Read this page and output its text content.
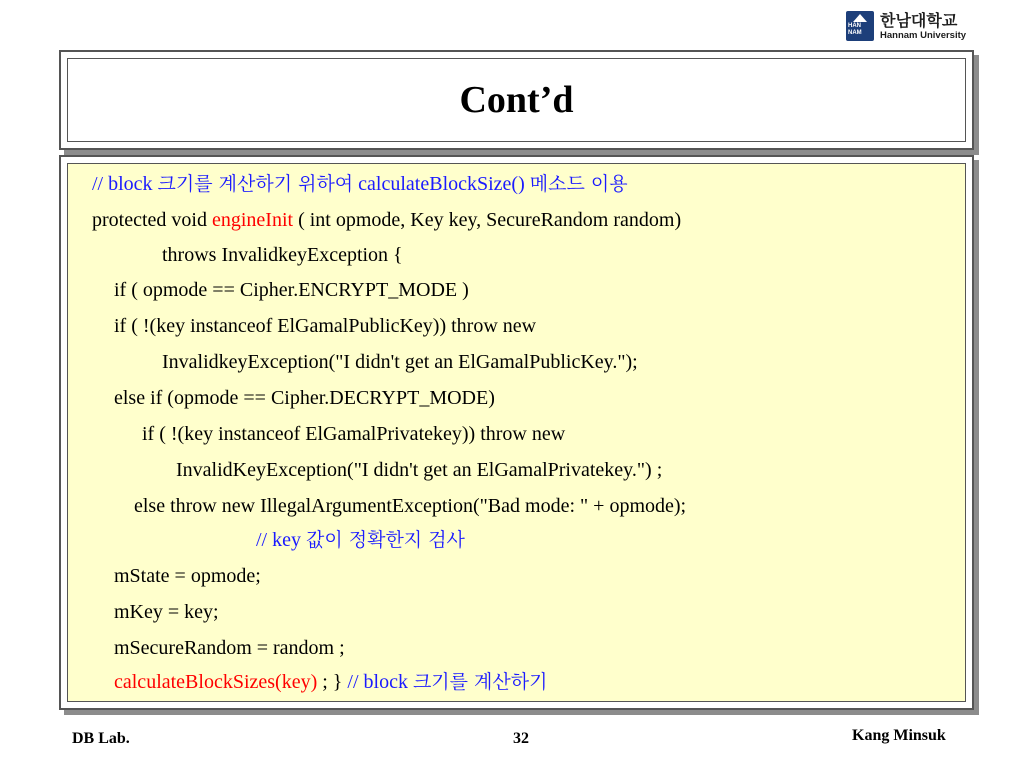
HAN NAM
한남대학교
Hannam University
Cont’d
// block 크기를 계산하기 위하여 calculateBlockSize() 메소드 이용
protected void engineInit ( int opmode, Key key, SecureRandom random)
throws InvalidkeyException {
if ( opmode == Cipher.ENCRYPT_MODE )
if ( !(key instanceof ElGamalPublicKey)) throw new
InvalidkeyException("I didn't get an ElGamalPublicKey.");
else if (opmode == Cipher.DECRYPT_MODE)
if ( !(key instanceof ElGamalPrivatekey)) throw new
InvalidKeyException("I didn't get an ElGamalPrivatekey.") ;
else throw new IllegalArgumentException("Bad mode: " + opmode);
// key 값이 정확한지 검사
mState = opmode;
mKey = key;
mSecureRandom = random ;
calculateBlockSizes(key) ; } // block 크기를 계산하기
DB Lab.	32	Kang Minsuk
